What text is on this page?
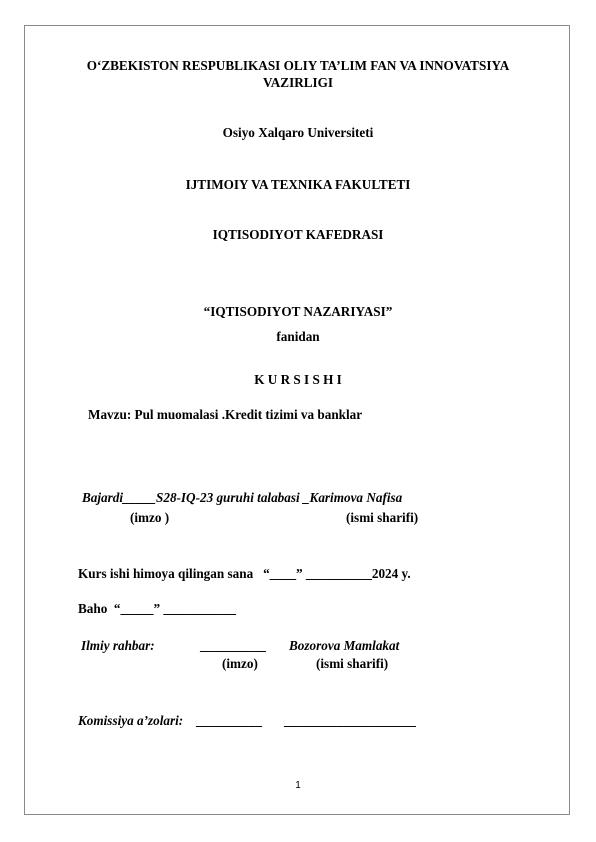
O‘ZBEKISTON RESPUBLIKASI OLIY TA’LIM FAN VA INNOVATSIYA
VAZIRLIGI
Osiyo Xalqaro Universiteti
IJTIMOIY VA TEXNIKA FAKULTETI
IQTISODIYOT KAFEDRASI
“IQTISODIYOT NAZARIYASI”
fanidan
K U R S I S H I
Mavzu: Pul muomalasi .Kredit tizimi va banklar
Bajardi_____S28-IQ-23 guruhi talabasi _Karimova Nafisa
(imzo )	(ismi sharifi)
Kurs ishi himoya qilingan sana “____” __________2024 y.
Baho “_____” ___________
Ilmiy rahbar:	__________ Bozorova Mamlakat
(imzo)	(ismi sharifi)
Komissiya a’zolari: __________ ____________________
1
